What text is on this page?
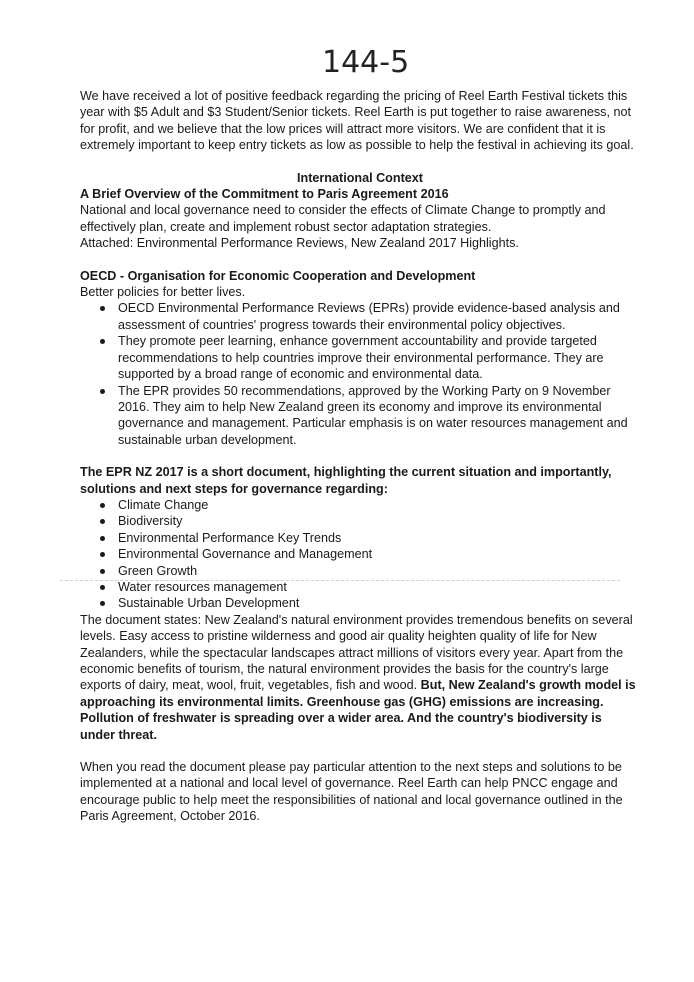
144-5

We have received a lot of positive feedback regarding the pricing of Reel Earth Festival tickets this year with $5 Adult and $3 Student/Senior tickets. Reel Earth is put together to raise awareness, not for profit, and we believe that the low prices will attract more visitors. We are confident that it is extremely important to keep entry tickets as low as possible to help the festival in achieving its goal.

International Context

A Brief Overview of the Commitment to Paris Agreement 2016

National and local governance need to consider the effects of Climate Change to promptly and effectively plan, create and implement robust sector adaptation strategies.

Attached: Environmental Performance Reviews, New Zealand 2017 Highlights.

OECD - Organisation for Economic Cooperation and Development

Better policies for better lives.

OECD Environmental Performance Reviews (EPRs) provide evidence-based analysis and assessment of countries' progress towards their environmental policy objectives.
They promote peer learning, enhance government accountability and provide targeted recommendations to help countries improve their environmental performance. They are supported by a broad range of economic and environmental data.
The EPR provides 50 recommendations, approved by the Working Party on 9 November 2016. They aim to help New Zealand green its economy and improve its environmental governance and management. Particular emphasis is on water resources management and sustainable urban development.

The EPR NZ 2017 is a short document, highlighting the current situation and importantly, solutions and next steps for governance regarding:

Climate Change
Biodiversity
Environmental Performance Key Trends
Environmental Governance and Management
Green Growth
Water resources management
Sustainable Urban Development

The document states: New Zealand's natural environment provides tremendous benefits on several levels. Easy access to pristine wilderness and good air quality heighten quality of life for New Zealanders, while the spectacular landscapes attract millions of visitors every year. Apart from the economic benefits of tourism, the natural environment provides the basis for the country's large exports of dairy, meat, wool, fruit, vegetables, fish and wood. But, New Zealand's growth model is approaching its environmental limits. Greenhouse gas (GHG) emissions are increasing. Pollution of freshwater is spreading over a wider area. And the country's biodiversity is under threat.

When you read the document please pay particular attention to the next steps and solutions to be implemented at a national and local level of governance. Reel Earth can help PNCC engage and encourage public to help meet the responsibilities of national and local governance outlined in the Paris Agreement, October 2016.
